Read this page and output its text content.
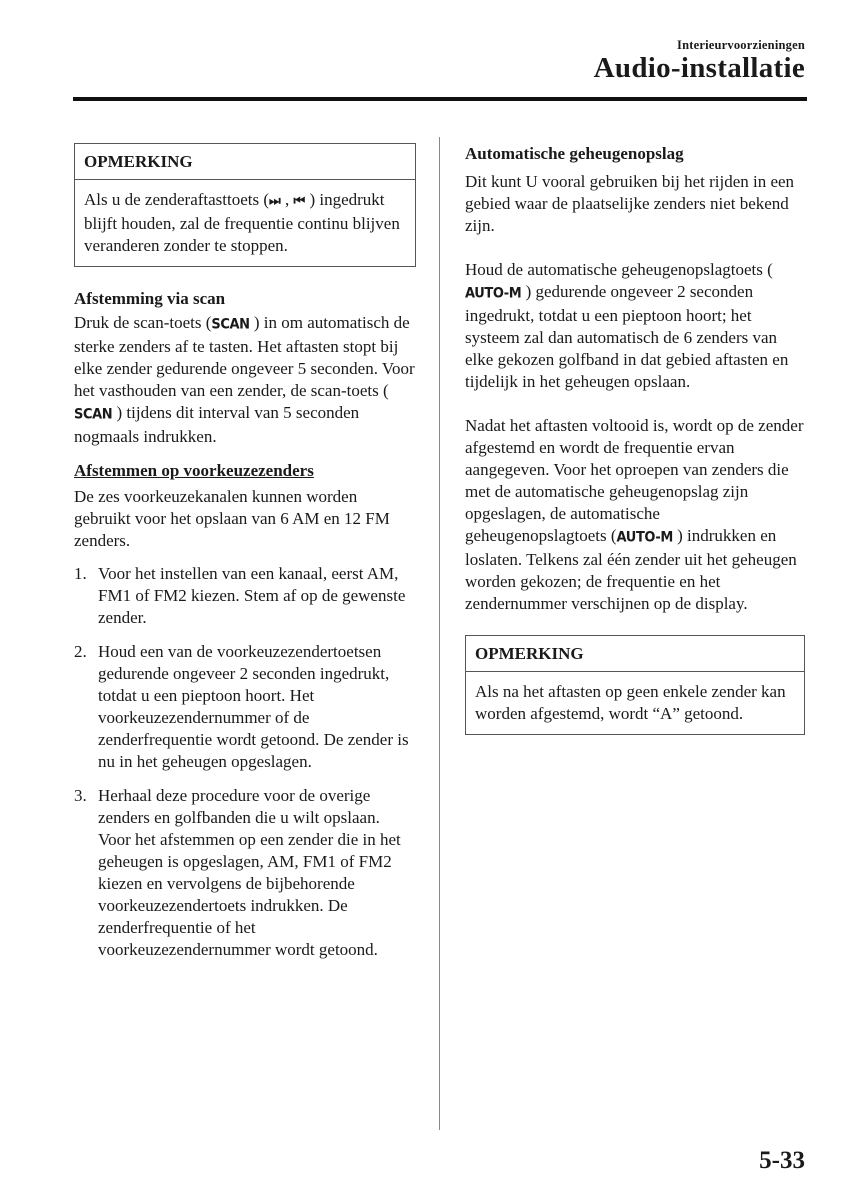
Interieurvoorzieningen
Audio-installatie
OPMERKING
Als u de zenderaftasttoets (⏭ , ⏮ ) ingedrukt blijft houden, zal de frequentie continu blijven veranderen zonder te stoppen.

Afstemming via scan

Druk de scan-toets (SCAN ) in om automatisch de sterke zenders af te tasten. Het aftasten stopt bij elke zender gedurende ongeveer 5 seconden. Voor het vasthouden van een zender, de scan-toets (SCAN ) tijdens dit interval van 5 seconden nogmaals indrukken.

Afstemmen op voorkeuzezenders

De zes voorkeuzekanalen kunnen worden gebruikt voor het opslaan van 6 AM en 12 FM zenders.

1. Voor het instellen van een kanaal, eerst AM, FM1 of FM2 kiezen. Stem af op de gewenste zender.
2. Houd een van de voorkeuzezendertoetsen gedurende ongeveer 2 seconden ingedrukt, totdat u een pieptoon hoort. Het voorkeuzezendernummer of de zenderfrequentie wordt getoond. De zender is nu in het geheugen opgeslagen.
3. Herhaal deze procedure voor de overige zenders en golfbanden die u wilt opslaan. Voor het afstemmen op een zender die in het geheugen is opgeslagen, AM, FM1 of FM2 kiezen en vervolgens de bijbehorende voorkeuzezendertoets indrukken. De zenderfrequentie of het voorkeuzezendernummer wordt getoond.

Automatische geheugenopslag

Dit kunt U vooral gebruiken bij het rijden in een gebied waar de plaatselijke zenders niet bekend zijn.

Houd de automatische geheugenopslagtoets (AUTO-M ) gedurende ongeveer 2 seconden ingedrukt, totdat u een pieptoon hoort; het systeem zal dan automatisch de 6 zenders van elke gekozen golfband in dat gebied aftasten en tijdelijk in het geheugen opslaan.

Nadat het aftasten voltooid is, wordt op de zender afgestemd en wordt de frequentie ervan aangegeven. Voor het oproepen van zenders die met de automatische geheugenopslag zijn opgeslagen, de automatische geheugenopslagtoets (AUTO-M ) indrukken en loslaten. Telkens zal één zender uit het geheugen worden gekozen; de frequentie en het zendernummer verschijnen op de display.

OPMERKING
Als na het aftasten op geen enkele zender kan worden afgestemd, wordt “A” getoond.
5-33
